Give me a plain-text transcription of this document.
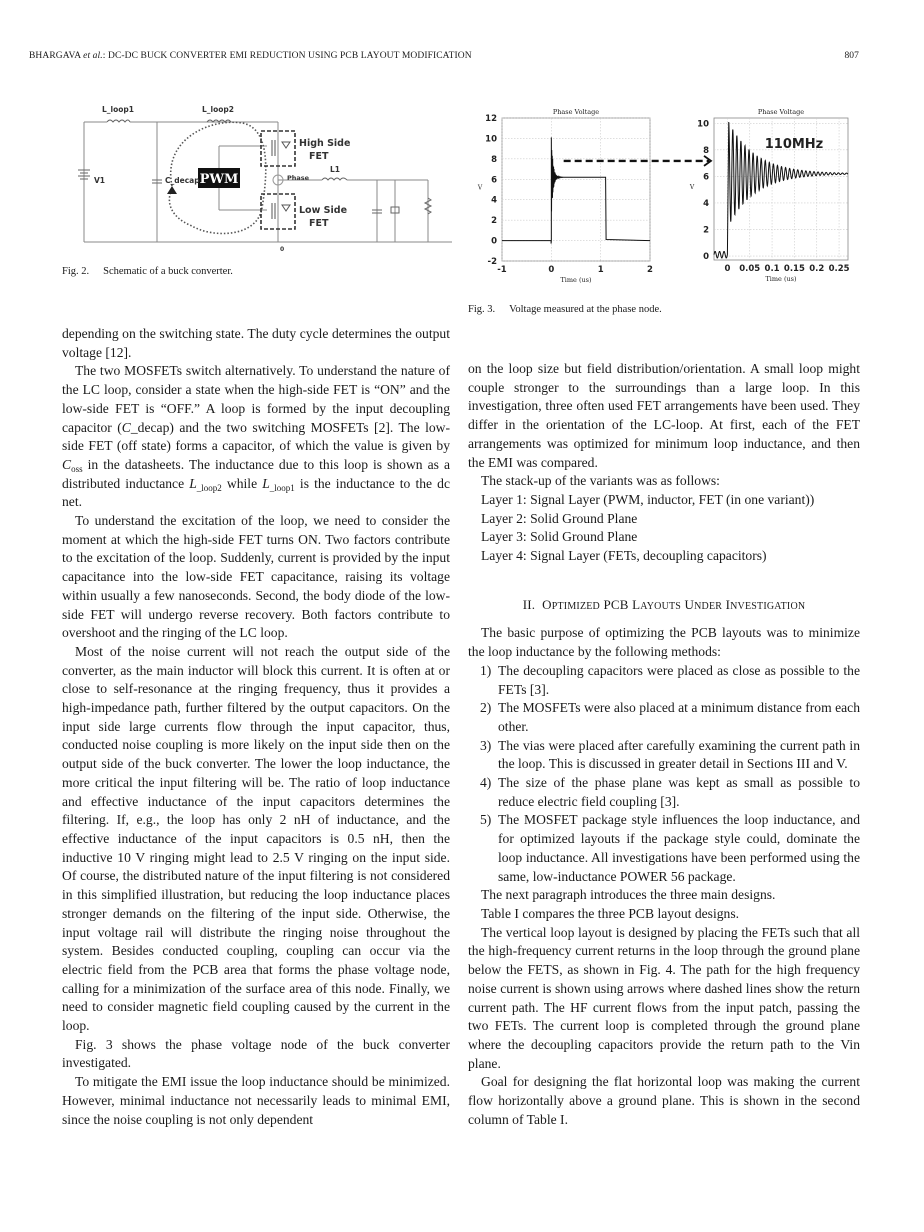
BHARGAVA et al.: DC-DC BUCK CONVERTER EMI REDUCTION USING PCB LAYOUT MODIFICATION	807
PWM
L_loop1	L_loop2
V1	C_decap	Phase
L1
0
High Side
FET
Low Side
FET
Fig. 2. Schematic of a buck converter.	-1	0	1	2
-2
0
2
4
6
8
10
12
Phase Voltage
Time (us)
V
0 0.05 0.1 0.15 0.2 0.25
0
2
4
6
8
10
Phase Voltage
Time (us)
V
110MHz
Fig. 3. Voltage measured at the phase node.

depending on the switching state. The duty cycle determines the output voltage [12].

The two MOSFETs switch alternatively. To understand the nature of the LC loop, consider a state when the high-side FET is “ON” and the low-side FET is “OFF.” A loop is formed by the input decoupling capacitor (C_decap) and the two switching MOSFETs [2]. The low-side FET (off state) forms a capacitor, of which the value is given by $C_{oss}$ in the datasheets. The inductance due to this loop is shown as a distributed inductance $L_{\_loop2}$ while $L_{\_loop1}$ is the inductance to the dc net.

To understand the excitation of the loop, we need to consider the moment at which the high-side FET turns ON. Two factors contribute to the excitation of the loop. Suddenly, current is provided by the input capacitance into the low-side FET capacitance, raising its voltage within usually a few nanoseconds. Second, the body diode of the low-side FET will undergo reverse recovery. Both factors contribute to overshoot and the ringing of the LC loop.

Most of the noise current will not reach the output side of the converter, as the main inductor will block this current. It is often at or close to self-resonance at the ringing frequency, thus it provides a high-impedance path, further filtered by the output capacitors. On the input side large currents flow through the input capacitor, thus, conducted noise coupling is more likely on the input side then on the output side of the buck converter. The lower the loop inductance, the more critical the input filtering will be. The ratio of loop inductance and effective inductance of the input capacitors determines the filtering. If, e.g., the loop has only 2 nH of inductance, and the effective inductance of the input capacitors is 0.5 nH, then the inductive 10 V ringing might lead to 2.5 V ringing on the input side. Of course, the distributed nature of the input filtering is not considered in this simplified illustration, but reducing the loop inductance places stronger demands on the filtering of the input side. Otherwise, the input voltage rail will distribute the ringing noise throughout the system. Besides conducted coupling, coupling can occur via the electric field from the PCB area that forms the phase voltage node, calling for a minimization of the surface area of this node. Finally, we need to consider magnetic field coupling caused by the current in the loop.

Fig. 3 shows the phase voltage node of the buck converter investigated.

To mitigate the EMI issue the loop inductance should be minimized. However, minimal inductance not necessarily leads to minimal EMI, since the noise coupling is not only dependent

on the loop size but field distribution/orientation. A small loop might couple stronger to the surroundings than a large loop. In this investigation, three often used FET arrangements have been used. They differ in the orientation of the LC-loop. At first, each of the FET arrangements was optimized for minimum loop inductance, and then the EMI was compared.

The stack-up of the variants was as follows:

Layer 1: Signal Layer (PWM, inductor, FET (in one variant))

Layer 2: Solid Ground Plane

Layer 3: Solid Ground Plane

Layer 4: Signal Layer (FETs, decoupling capacitors)

II. OPTIMIZED PCB LAYOUTS UNDER INVESTIGATION

The basic purpose of optimizing the PCB layouts was to minimize the loop inductance by the following methods:

1) The decoupling capacitors were placed as close as possible to the FETs [3].

2) The MOSFETs were also placed at a minimum distance from each other.

3) The vias were placed after carefully examining the current path in the loop. This is discussed in greater detail in Sections III and V.

4) The size of the phase plane was kept as small as possible to reduce electric field coupling [3].

5) The MOSFET package style influences the loop inductance, and for optimized layouts if the package style could, dominate the loop inductance. All investigations have been performed using the same, low-inductance POWER 56 package.

The next paragraph introduces the three main designs.

Table I compares the three PCB layout designs.

The vertical loop layout is designed by placing the FETs such that all the high-frequency current returns in the loop through the ground plane below the FETS, as shown in Fig. 4. The path for the high frequency noise current is shown using arrows where dashed lines show the return current path. The HF current flows from the input patch, passing the two FETs. The current loop is completed through the ground plane where the decoupling capacitors provide the return path to the Vin plane.

Goal for designing the flat horizontal loop was making the current flow horizontally above a ground plane. This is shown in the second column of Table I.
